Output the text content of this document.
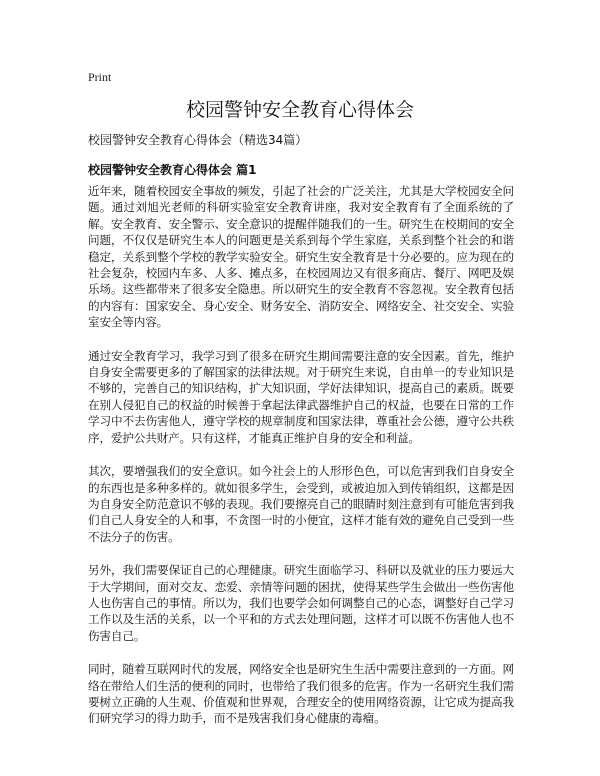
Print
校园警钟安全教育心得体会
校园警钟安全教育心得体会（精选34篇）
校园警钟安全教育心得体会 篇1

近年来，随着校园安全事故的频发，引起了社会的广泛关注，尤其是大学校园安全问题。通过刘旭光老师的科研实验室安全教育讲座，我对安全教育有了全面系统的了解。安全教育、安全警示、安全意识的提醒伴随我们的一生。研究生在校期间的安全问题，不仅仅是研究生本人的问题更是关系到每个学生家庭，关系到整个社会的和谐稳定，关系到整个学校的教学实验安全。研究生安全教育是十分必要的。应为现在的社会复杂，校园内车多、人多、摊点多，在校园周边又有很多商店、餐厅、网吧及娱乐场。这些都带来了很多安全隐患。所以研究生的安全教育不容忽视。安全教育包括的内容有：国家安全、身心安全、财务安全、消防安全、网络安全、社交安全、实验室安全等内容。

通过安全教育学习，我学习到了很多在研究生期间需要注意的安全因素。首先，维护自身安全需要更多的了解国家的法律法规。对于研究生来说，自由单一的专业知识是不够的，完善自己的知识结构，扩大知识面，学好法律知识，提高自己的素质。既要在别人侵犯自己的权益的时候善于拿起法律武器维护自己的权益，也要在日常的工作学习中不去伤害他人，遵守学校的规章制度和国家法律，尊重社会公德，遵守公共秩序，爱护公共财产。只有这样，才能真正维护自身的安全和利益。

其次，要增强我们的安全意识。如今社会上的人形形色色，可以危害到我们自身安全的东西也是多种多样的。就如很多学生，会受到，或被迫加入到传销组织，这都是因为自身安全防范意识不够的表现。我们要擦亮自己的眼睛时刻注意到有可能危害到我们自己人身安全的人和事，不贪图一时的小便宜，这样才能有效的避免自己受到一些不法分子的伤害。

另外，我们需要保证自己的心理健康。研究生面临学习、科研以及就业的压力要远大于大学期间，面对交友、恋爱、亲情等问题的困扰，使得某些学生会做出一些伤害他人也伤害自己的事情。所以为，我们也要学会如何调整自己的心态，调整好自己学习工作以及生活的关系，以一个平和的方式去处理问题，这样才可以既不伤害他人也不伤害自己。

同时，随着互联网时代的发展，网络安全也是研究生生活中需要注意到的一方面。网络在带给人们生活的便利的同时，也带给了我们很多的危害。作为一名研究生我们需要树立正确的人生观、价值观和世界观，合理安全的使用网络资源，让它成为提高我们研究学习的得力助手，而不是残害我们身心健康的毒瘤。
